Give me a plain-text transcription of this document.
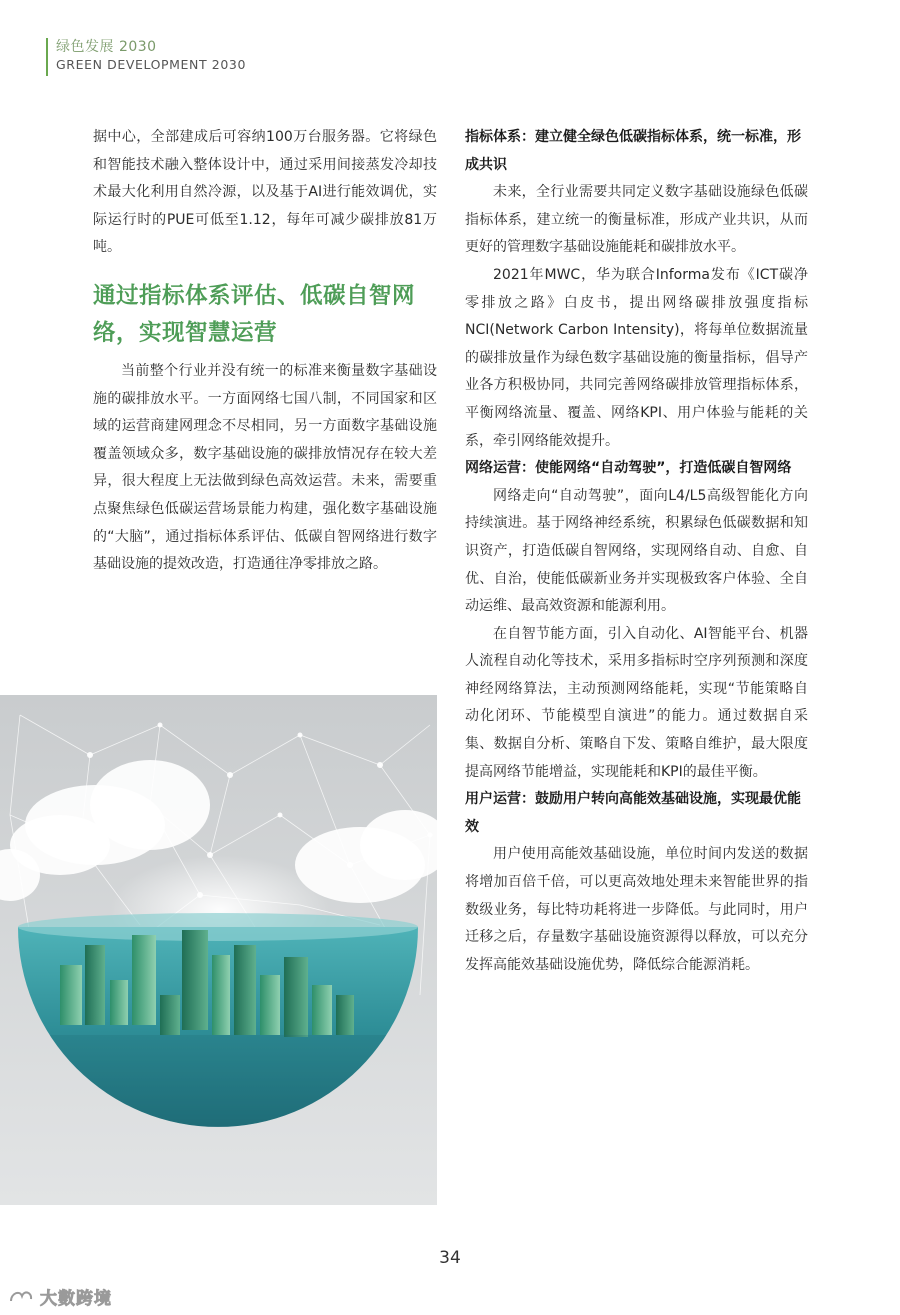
绿色发展 2030
GREEN DEVELOPMENT 2030

据中心，全部建成后可容纳100万台服务器。它将绿色和智能技术融入整体设计中，通过采用间接蒸发冷却技术最大化利用自然冷源，以及基于AI进行能效调优，实际运行时的PUE可低至1.12，每年可减少碳排放81万吨。

通过指标体系评估、低碳自智网络，实现智慧运营

当前整个行业并没有统一的标准来衡量数字基础设施的碳排放水平。一方面网络七国八制，不同国家和区域的运营商建网理念不尽相同，另一方面数字基础设施覆盖领域众多，数字基础设施的碳排放情况存在较大差异，很大程度上无法做到绿色高效运营。未来，需要重点聚焦绿色低碳运营场景能力构建，强化数字基础设施的“大脑”，通过指标体系评估、低碳自智网络进行数字基础设施的提效改造，打造通往净零排放之路。

指标体系：建立健全绿色低碳指标体系，统一标准，形成共识

未来，全行业需要共同定义数字基础设施绿色低碳指标体系，建立统一的衡量标准，形成产业共识，从而更好的管理数字基础设施能耗和碳排放水平。

2021年MWC，华为联合Informa发布《ICT碳净零排放之路》白皮书，提出网络碳排放强度指标NCI(Network Carbon Intensity)，将每单位数据流量的碳排放量作为绿色数字基础设施的衡量指标，倡导产业各方积极协同，共同完善网络碳排放管理指标体系，平衡网络流量、覆盖、网络KPI、用户体验与能耗的关系，牵引网络能效提升。

网络运营：使能网络“自动驾驶”，打造低碳自智网络

网络走向“自动驾驶”，面向L4/L5高级智能化方向持续演进。基于网络神经系统，积累绿色低碳数据和知识资产，打造低碳自智网络，实现网络自动、自愈、自优、自治，使能低碳新业务并实现极致客户体验、全自动运维、最高效资源和能源利用。

在自智节能方面，引入自动化、AI智能平台、机器人流程自动化等技术，采用多指标时空序列预测和深度神经网络算法，主动预测网络能耗，实现“节能策略自动化闭环、节能模型自演进”的能力。通过数据自采集、数据自分析、策略自下发、策略自维护，最大限度提高网络节能增益，实现能耗和KPI的最佳平衡。

用户运营：鼓励用户转向高能效基础设施，实现最优能效

用户使用高能效基础设施，单位时间内发送的数据将增加百倍千倍，可以更高效地处理未来智能世界的指数级业务，每比特功耗将进一步降低。与此同时，用户迁移之后，存量数字基础设施资源得以释放，可以充分发挥高能效基础设施优势，降低综合能源消耗。

34
大數跨境
